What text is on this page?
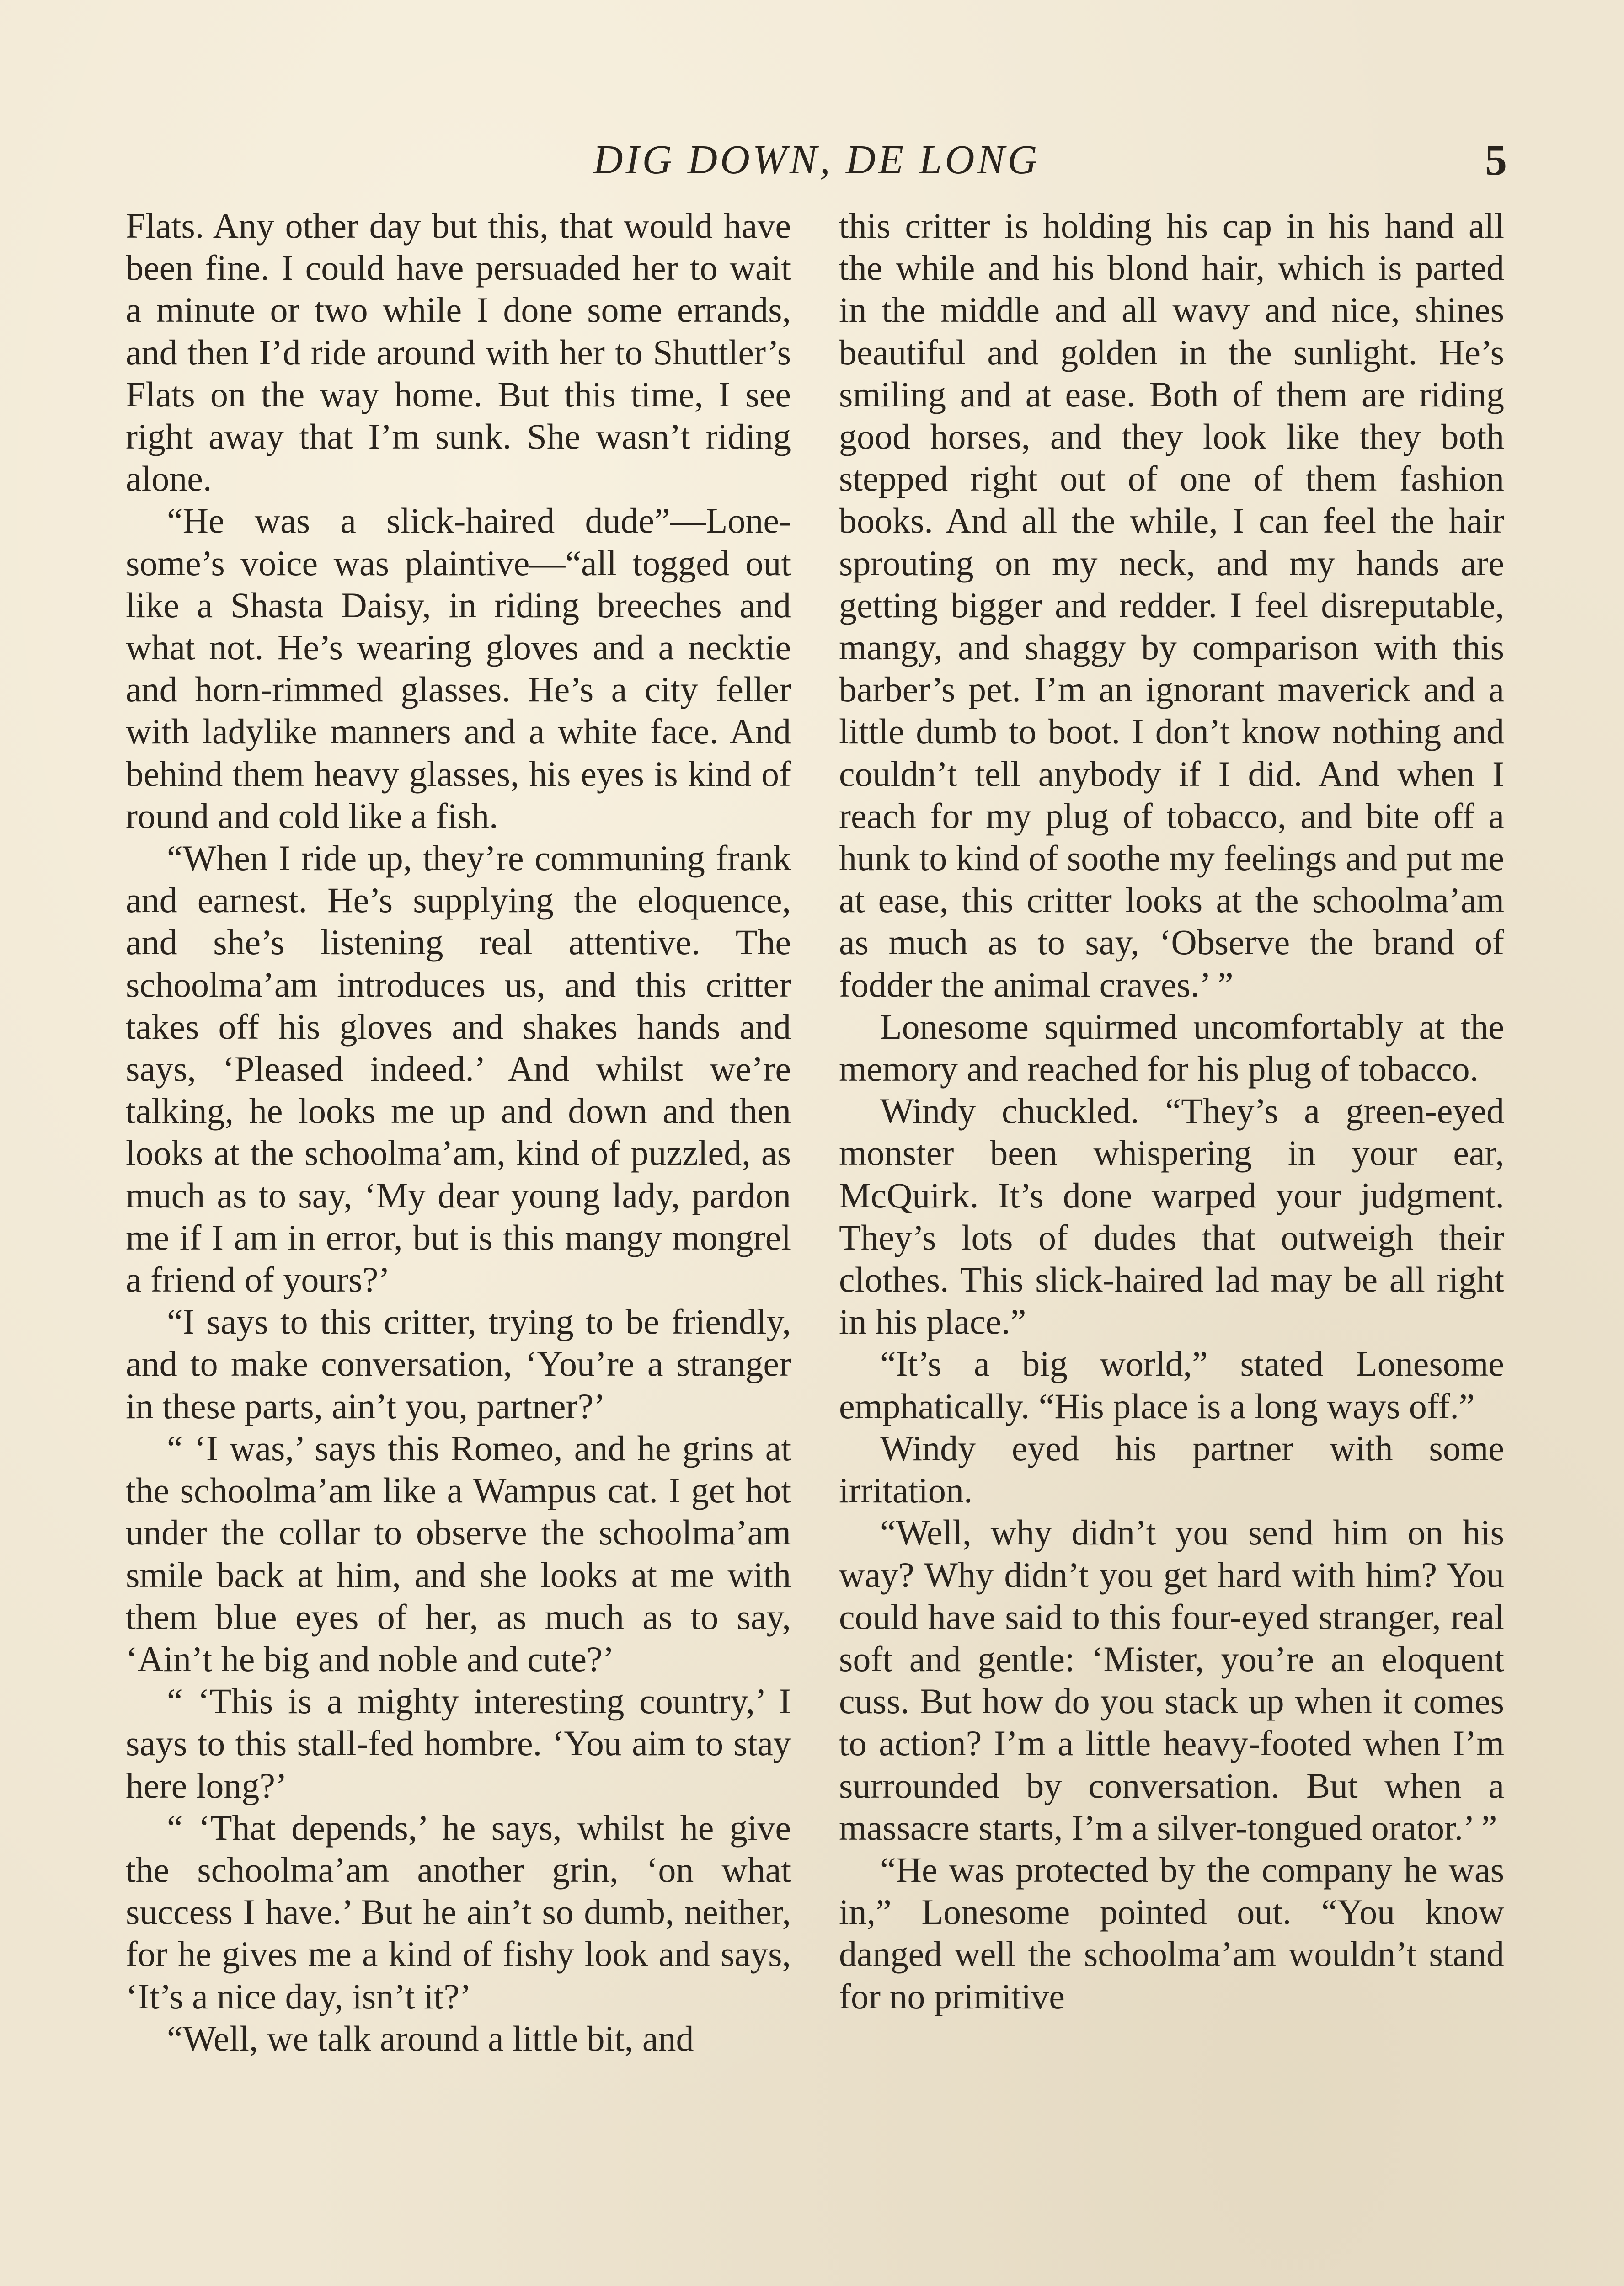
DIG DOWN, DE LONG	5

Flats. Any other day but this, that would have been fine. I could have persuaded her to wait a minute or two while I done some errands, and then I’d ride around with her to Shuttler’s Flats on the way home. But this time, I see right away that I’m sunk. She wasn’t riding alone.

“He was a slick-haired dude”—Lonesome’s voice was plaintive—“all togged out like a Shasta Daisy, in riding breeches and what not. He’s wearing gloves and a necktie and horn-rimmed glasses. He’s a city feller with ladylike manners and a white face. And behind them heavy glasses, his eyes is kind of round and cold like a fish.

“When I ride up, they’re communing frank and earnest. He’s supplying the eloquence, and she’s listening real attentive. The schoolma’am introduces us, and this critter takes off his gloves and shakes hands and says, ‘Pleased indeed.’ And whilst we’re talking, he looks me up and down and then looks at the schoolma’am, kind of puzzled, as much as to say, ‘My dear young lady, pardon me if I am in error, but is this mangy mongrel a friend of yours?’

“I says to this critter, trying to be friendly, and to make conversation, ‘You’re a stranger in these parts, ain’t you, partner?’

“ ‘I was,’ says this Romeo, and he grins at the schoolma’am like a Wampus cat. I get hot under the collar to observe the schoolma’am smile back at him, and she looks at me with them blue eyes of her, as much as to say, ‘Ain’t he big and noble and cute?’

“ ‘This is a mighty interesting country,’ I says to this stall-fed hombre. ‘You aim to stay here long?’

“ ‘That depends,’ he says, whilst he give the schoolma’am another grin, ‘on what success I have.’ But he ain’t so dumb, neither, for he gives me a kind of fishy look and says, ‘It’s a nice day, isn’t it?’

“Well, we talk around a little bit, and

this critter is holding his cap in his hand all the while and his blond hair, which is parted in the middle and all wavy and nice, shines beautiful and golden in the sunlight. He’s smiling and at ease. Both of them are riding good horses, and they look like they both stepped right out of one of them fashion books. And all the while, I can feel the hair sprouting on my neck, and my hands are getting bigger and redder. I feel disreputable, mangy, and shaggy by comparison with this barber’s pet. I’m an ignorant maverick and a little dumb to boot. I don’t know nothing and couldn’t tell anybody if I did. And when I reach for my plug of tobacco, and bite off a hunk to kind of soothe my feelings and put me at ease, this critter looks at the schoolma’am as much as to say, ‘Observe the brand of fodder the animal craves.’ ”

Lonesome squirmed uncomfortably at the memory and reached for his plug of tobacco.

Windy chuckled. “They’s a green-eyed monster been whispering in your ear, McQuirk. It’s done warped your judgment. They’s lots of dudes that outweigh their clothes. This slick-haired lad may be all right in his place.”

“It’s a big world,” stated Lonesome emphatically. “His place is a long ways off.”

Windy eyed his partner with some irritation.

“Well, why didn’t you send him on his way? Why didn’t you get hard with him? You could have said to this four-eyed stranger, real soft and gentle: ‘Mister, you’re an eloquent cuss. But how do you stack up when it comes to action? I’m a little heavy-footed when I’m surrounded by conversation. But when a massacre starts, I’m a silver-tongued orator.’ ”

“He was protected by the company he was in,” Lonesome pointed out. “You know danged well the schoolma’am wouldn’t stand for no primitive
